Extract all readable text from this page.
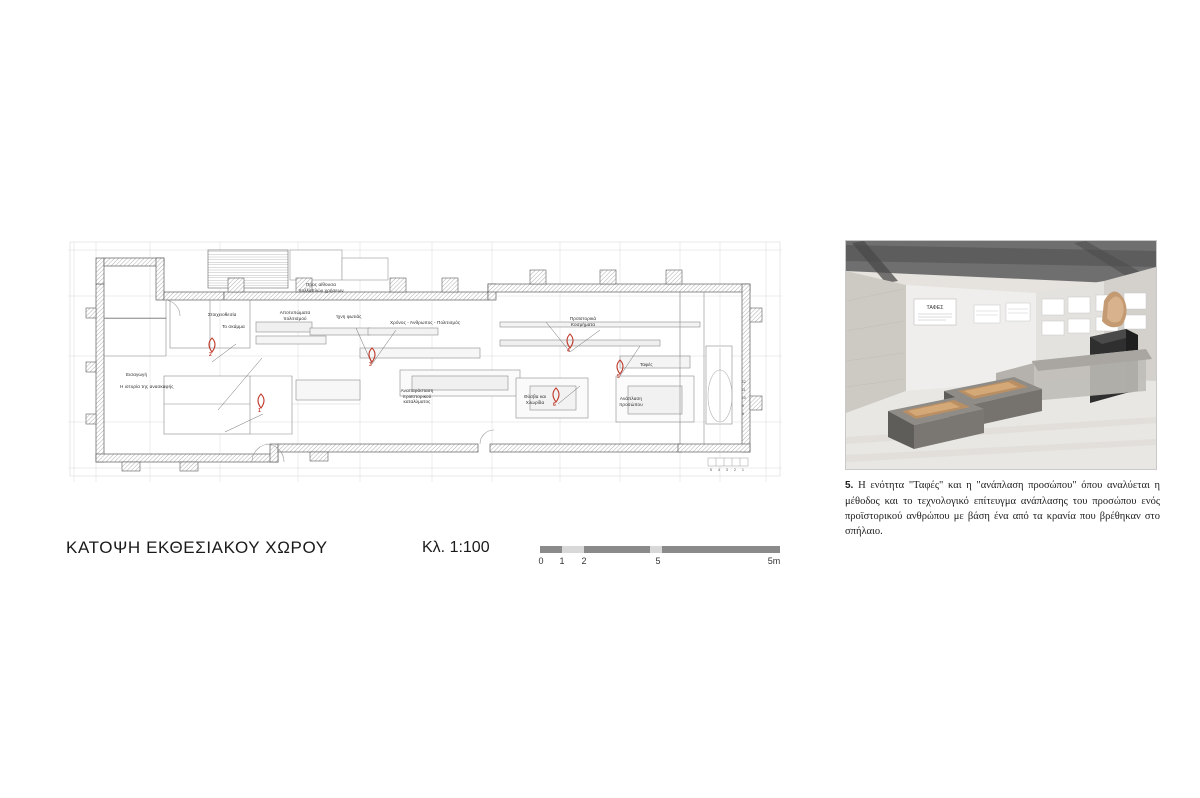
Προς αίθουσα
πολλαπλών χρήσεων
Στοιχειοθεσία
Το σκάμμα
Αποτυπώματα
πολιτισμού	Ίχνη φωτιάς
Χρόνος - Άνθρωπος - Πολιτισμός
Προϊστορικά
Κοσμήματα
Εισαγωγή
Η ιστορία της ανασκαφής
Αναπαράσταση
προϊστορικού
καταλύματος
Θύσβα και
Χλωρίδα
Ταφές
Ανάπλαση
προσώπου
1
2
3
4
5
6
5 4 3 2 1
12
11
10
9
8
ΚΑΤΟΨΗ ΕΚΘΕΣΙΑΚΟΥ ΧΩΡΟΥ	Κλ. 1:100
0 1 2	5	5m
ΤΑΦΕΣ
5. Η ενότητα "Ταφές" και η "ανάπλαση προσώπου" όπου αναλύεται η μέθοδος και το τεχνολογικό επίτευγμα ανάπλασης του προσώπου ενός προϊστορικού ανθρώπου με βάση ένα από τα κρανία που βρέθηκαν στο σπήλαιο.
